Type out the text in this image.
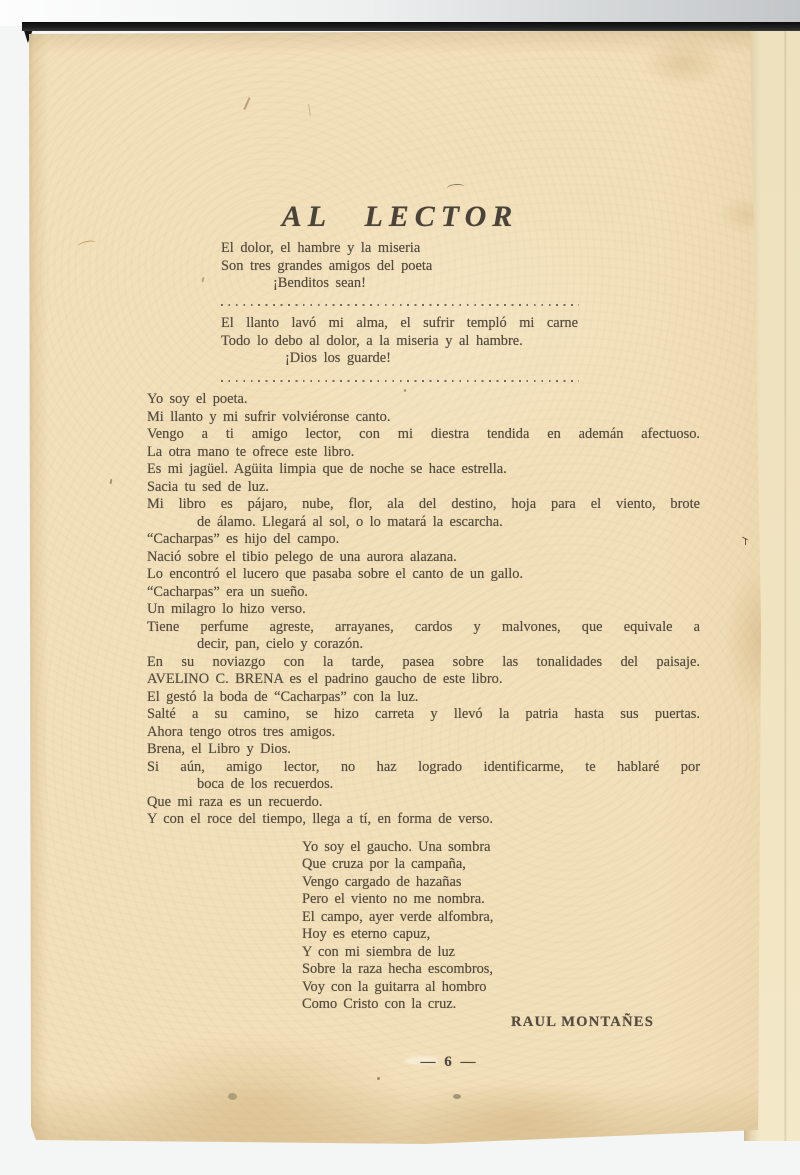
AL LECTOR
El dolor, el hambre y la miseria
Son tres grandes amigos del poeta
¡Benditos sean!
El llanto lavó mi alma, el sufrir templó mi carne
Todo lo debo al dolor, a la miseria y al hambre.
¡Dios los guarde!
Yo soy el poeta.
Mi llanto y mi sufrir volviéronse canto.
Vengo a ti amigo lector, con mi diestra tendida en ademán afectuoso.
La otra mano te ofrece este libro.
Es mi jagüel. Agüita limpia que de noche se hace estrella.
Sacia tu sed de luz.
Mi libro es pájaro, nube, flor, ala del destino, hoja para el viento, brote
de álamo. Llegará al sol, o lo matará la escarcha.
“Cacharpas” es hijo del campo.
Nació sobre el tibio pelego de una aurora alazana.
Lo encontró el lucero que pasaba sobre el canto de un gallo.
“Cacharpas” era un sueño.
Un milagro lo hizo verso.
Tiene perfume agreste, arrayanes, cardos y malvones, que equivale a
decir, pan, cielo y corazón.
En su noviazgo con la tarde, pasea sobre las tonalidades del paisaje.
AVELINO C. BRENA es el padrino gaucho de este libro.
El gestó la boda de “Cacharpas” con la luz.
Salté a su camino, se hizo carreta y llevó la patria hasta sus puertas.
Ahora tengo otros tres amigos.
Brena, el Libro y Dios.
Si aún, amigo lector, no haz logrado identificarme, te hablaré por
boca de los recuerdos.
Que mi raza es un recuerdo.
Y con el roce del tiempo, llega a tí, en forma de verso.
Yo soy el gaucho. Una sombra
Que cruza por la campaña,
Vengo cargado de hazañas
Pero el viento no me nombra.
El campo, ayer verde alfombra,
Hoy es eterno capuz,
Y con mi siembra de luz
Sobre la raza hecha escombros,
Voy con la guitarra al hombro
Como Cristo con la cruz.
RAUL MONTAÑES
— 6 —
